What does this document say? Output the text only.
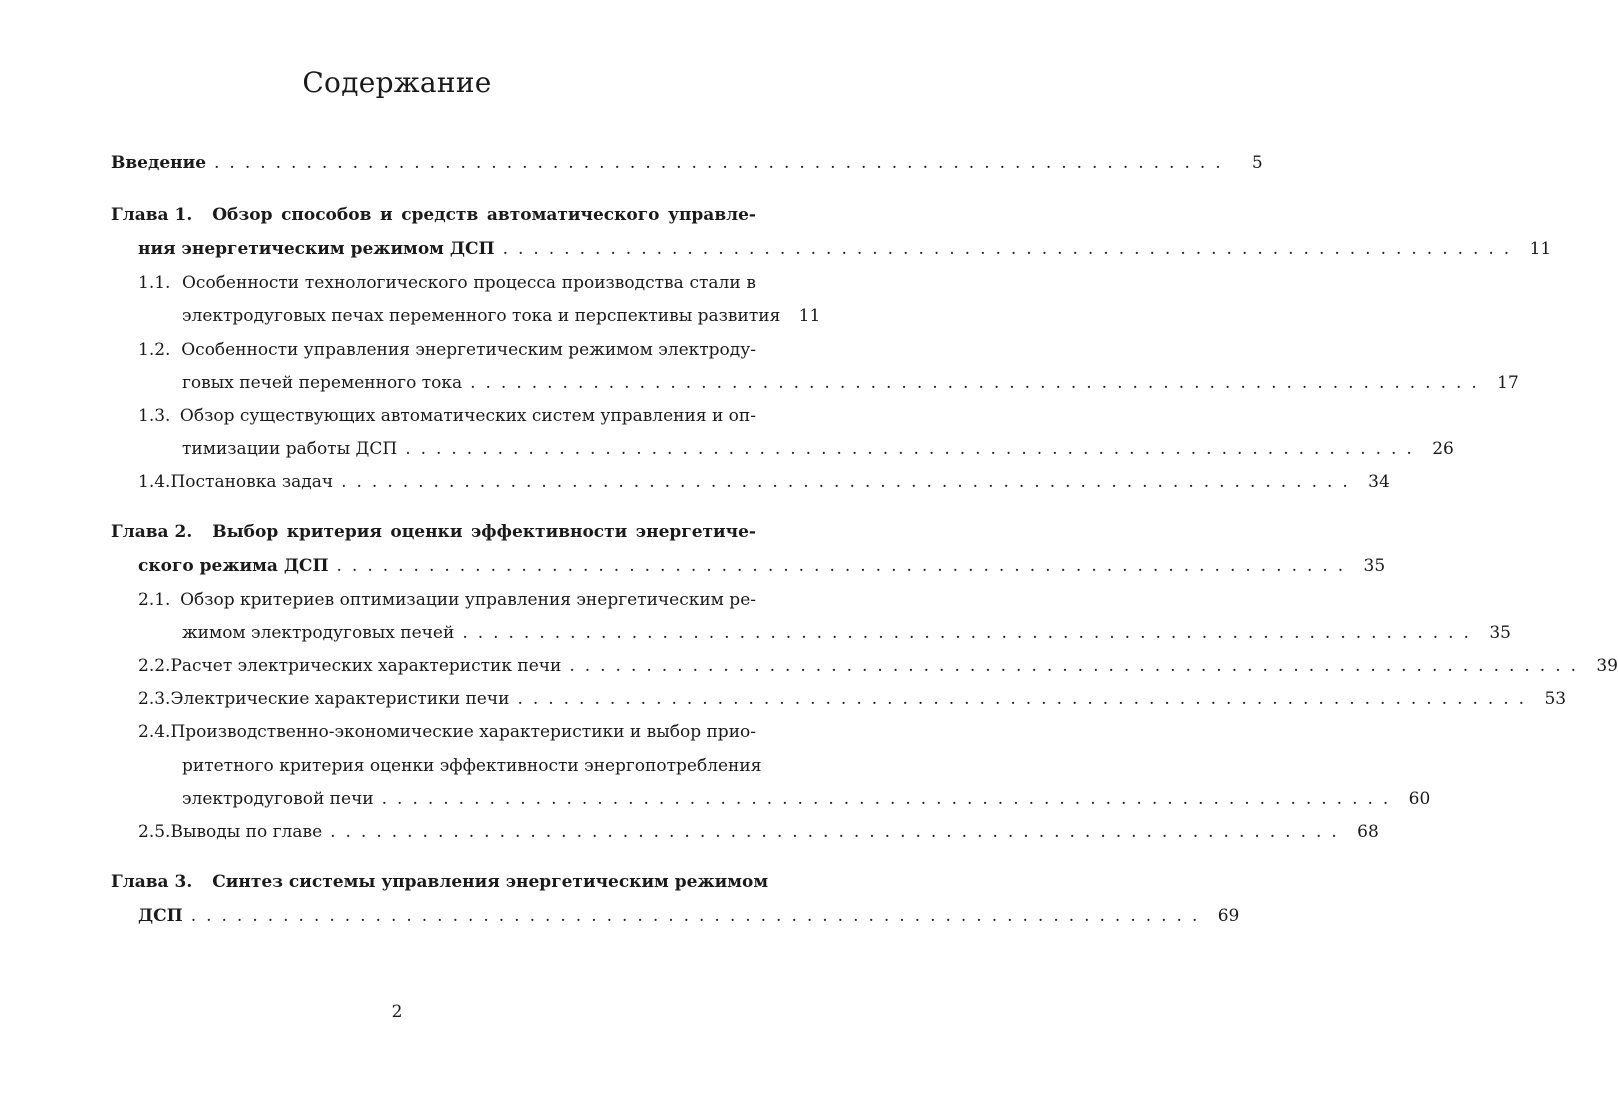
Содержание
Введение ..................................................................	5
Глава 1. Обзор способов и средств автоматического управле-
ния энергетическим режимом ДСП .................................................................. 11
1.1. Особенности технологического процесса производства стали в
электродуговых печах переменного тока и перспективы развития 11
1.2. Особенности управления энергетическим режимом электроду-
говых печей переменного тока .................................................................. 17
1.3. Обзор существующих автоматических систем управления и оп-
тимизации работы ДСП .................................................................. 26
1.4. Постановка задач .................................................................. 34
Глава 2. Выбор критерия оценки эффективности энергетиче-
ского режима ДСП .................................................................. 35
2.1. Обзор критериев оптимизации управления энергетическим ре-
жимом электродуговых печей .................................................................. 35
2.2. Расчет электрических характеристик печи .................................................................. 39
2.3. Электрические характеристики печи .................................................................. 53
2.4. Производственно-экономические характеристики и выбор прио-
ритетного критерия оценки эффективности энергопотребления
электродуговой печи .................................................................. 60
2.5. Выводы по главе .................................................................. 68
Глава 3. Синтез системы управления энергетическим режимом
ДСП .................................................................. 69
2
